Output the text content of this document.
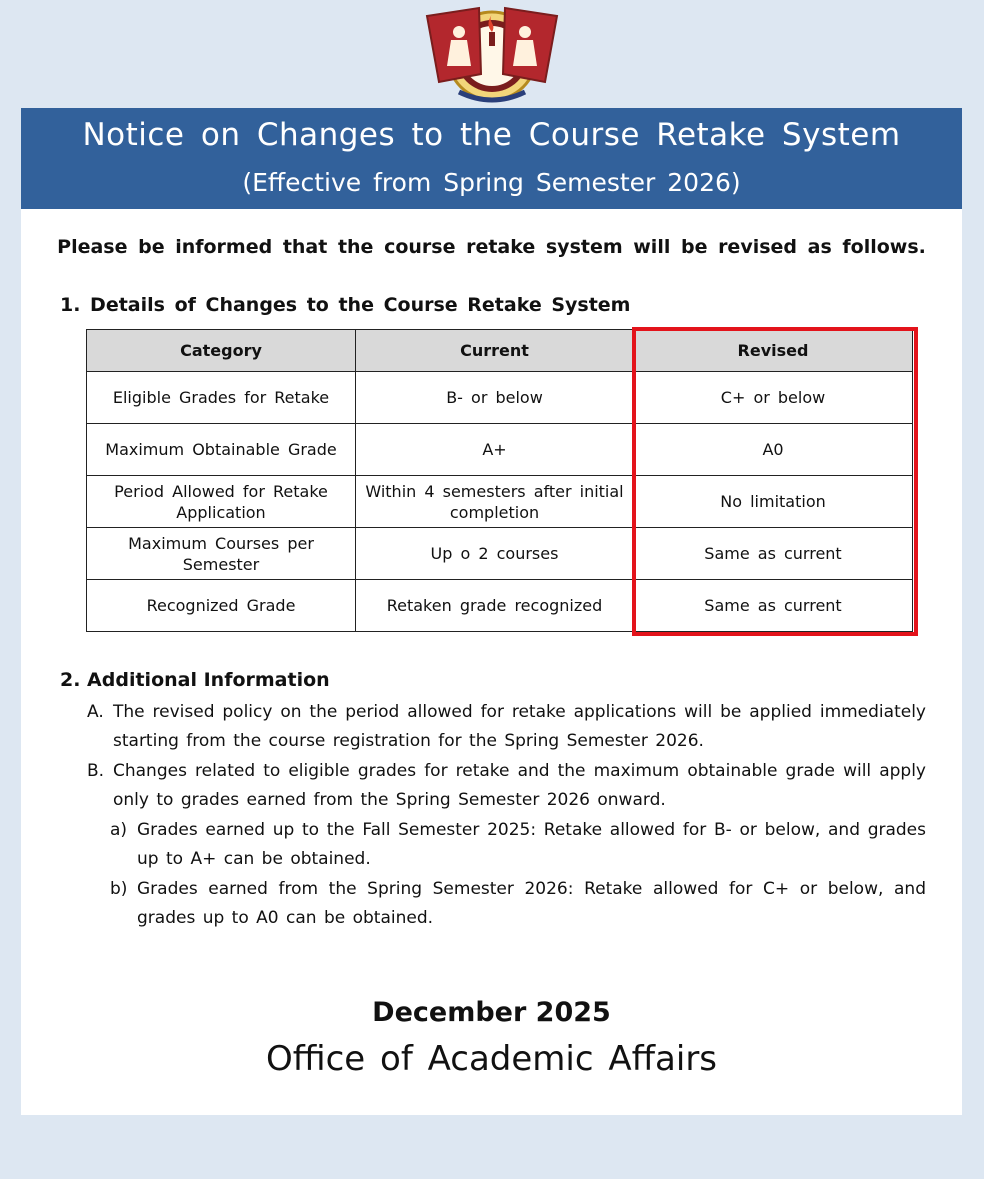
Notice on Changes to the Course Retake System
(Effective from Spring Semester 2026)
Please be informed that the course retake system will be revised as follows.
1. Details of Changes to the Course Retake System
Category	Current	Revised
Eligible Grades for Retake	B- or below	C+ or below
Maximum Obtainable Grade	A+	A0
Period Allowed for Retake Application	Within 4 semesters after initial completion	No limitation
Maximum Courses per Semester	Up o 2 courses	Same as current
Recognized Grade	Retaken grade recognized	Same as current
2. Additional Information
A. The revised policy on the period allowed for retake applications will be applied immediately starting from the course registration for the Spring Semester 2026.
B. Changes related to eligible grades for retake and the maximum obtainable grade will apply only to grades earned from the Spring Semester 2026 onward.
a) Grades earned up to the Fall Semester 2025: Retake allowed for B- or below, and grades up to A+ can be obtained.
b) Grades earned from the Spring Semester 2026: Retake allowed for C+ or below, and grades up to A0 can be obtained.
December 2025
Office of Academic Affairs
